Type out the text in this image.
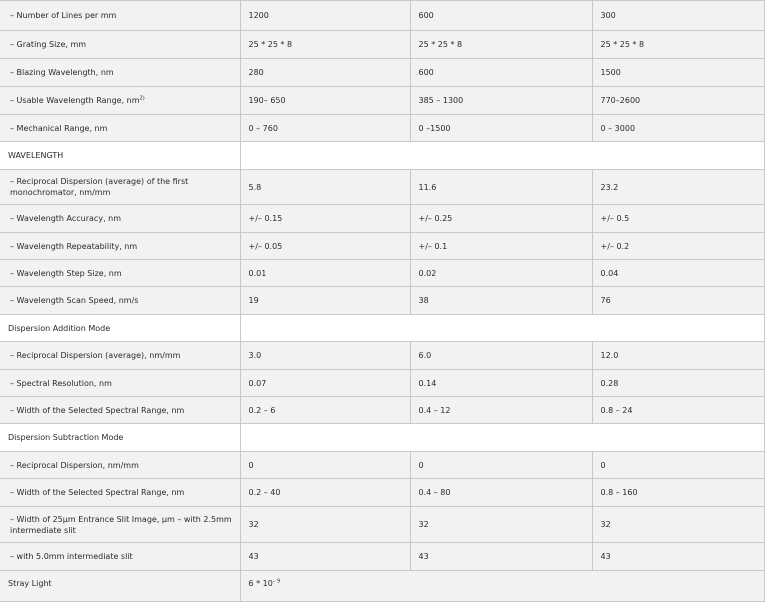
– Number of Lines per mm	1200	600	300
– Grating Size, mm	25 * 25 * 8	25 * 25 * 8	25 * 25 * 8
– Blazing Wavelength, nm	280	600	1500
– Usable Wavelength Range, $nm^{2)}$	190– 650	385 – 1300	770–2600
– Mechanical Range, nm	0 – 760	0 –1500	0 – 3000
WAVELENGTH			
– Reciprocal Dispersion (average) of the first monochromator, nm/mm	5.8	11.6	23.2
– Wavelength Accuracy, nm	+/– 0.15	+/– 0.25	+/– 0.5
– Wavelength Repeatability, nm	+/– 0.05	+/– 0.1	+/– 0.2
– Wavelength Step Size, nm	0.01	0.02	0.04
– Wavelength Scan Speed, nm/s	19	38	76
Dispersion Addition Mode			
– Reciprocal Dispersion (average), nm/mm	3.0	6.0	12.0
– Spectral Resolution, nm	0.07	0.14	0.28
– Width of the Selected Spectral Range, nm	0.2 – 6	0.4 – 12	0.8 – 24
Dispersion Subtraction Mode			
– Reciprocal Dispersion, nm/mm	0	0	0
– Width of the Selected Spectral Range, nm	0.2 – 40	0.4 – 80	0.8 – 160
– Width of 25µm Entrance Slit Image, µm – with 2.5mm intermediate slit	32	32	32
– with 5.0mm intermediate slit	43	43	43
Stray Light	$6 * 10^{- 9}$
